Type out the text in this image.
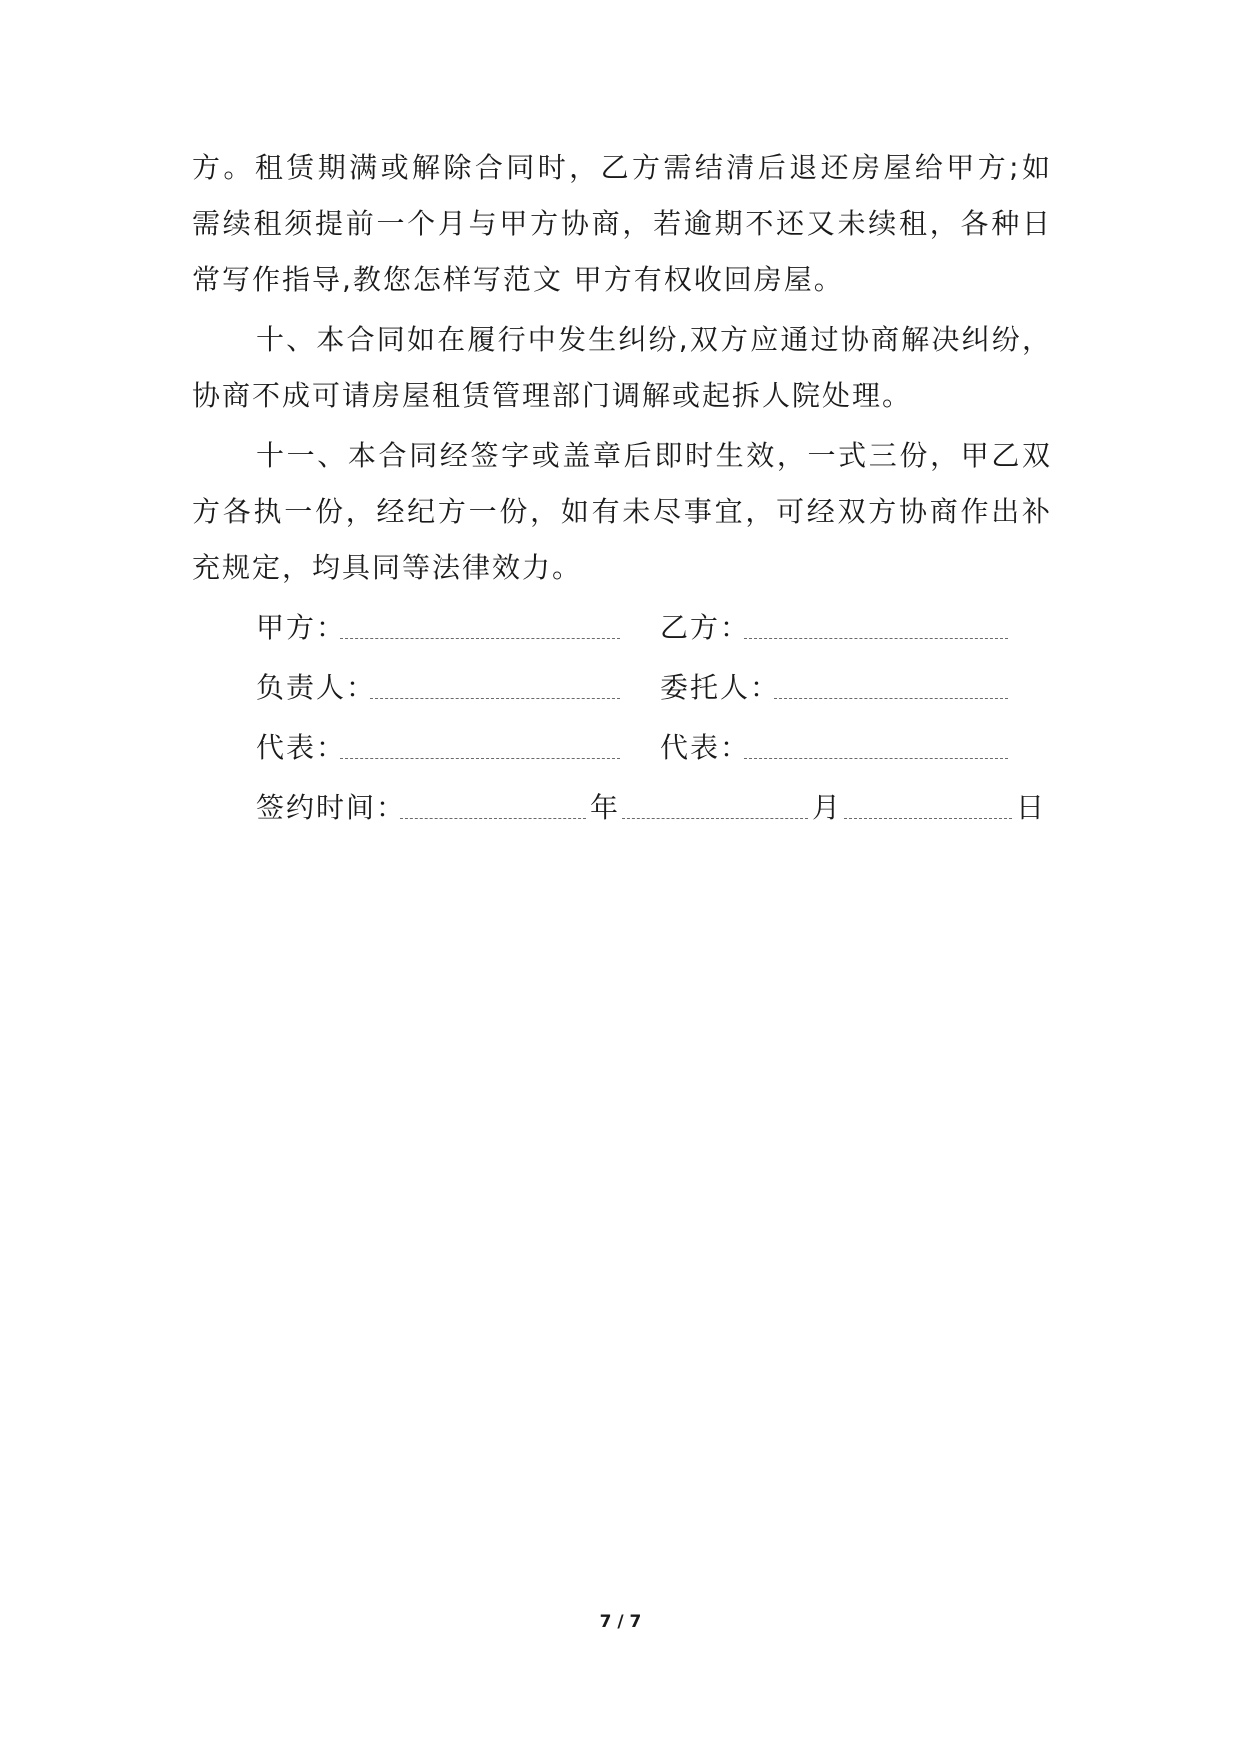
方。租赁期满或解除合同时，乙方需结清后退还房屋给甲方;如
需续租须提前一个月与甲方协商，若逾期不还又未续租，各种日
常写作指导,教您怎样写范文 甲方有权收回房屋。
十、本合同如在履行中发生纠纷,双方应通过协商解决纠纷，
协商不成可请房屋租赁管理部门调解或起拆人院处理。
十一、本合同经签字或盖章后即时生效，一式三份，甲乙双
方各执一份，经纪方一份，如有未尽事宜，可经双方协商作出补
充规定，均具同等法律效力。
甲方：	乙方：
负责人：	委托人：
代表：	代表：
签约时间：	年	月	日
7 / 7
